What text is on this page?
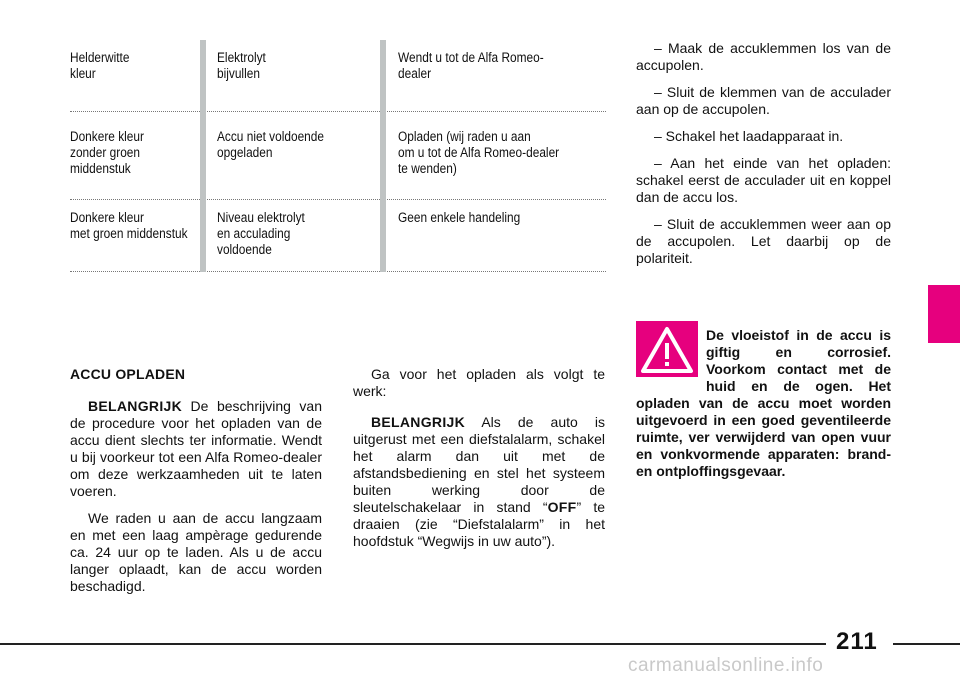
Helderwitte
kleur
Elektrolyt
bijvullen
Wendt u tot de Alfa Romeo-
dealer
Donkere kleur
zonder groen
middenstuk
Accu niet voldoende
opgeladen
Opladen (wij raden u aan
om u tot de Alfa Romeo-dealer
te wenden)
Donkere kleur
met groen middenstuk
Niveau elektrolyt
en acculading
voldoende
Geen enkele handeling

– Maak de accuklemmen los van de accupolen.

– Sluit de klemmen van de acculader aan op de accupolen.

– Schakel het laadapparaat in.

– Aan het einde van het opladen: schakel eerst de acculader uit en koppel dan de accu los.

– Sluit de accuklemmen weer aan op de accupolen. Let daarbij op de polariteit.

De vloeistof in de accu is giftig en corrosief. Voorkom contact met de huid en de ogen. Het opladen van de accu moet worden uitgevoerd in een goed geventileerde ruimte, ver verwijderd van open vuur en vonkvormende apparaten: brand- en ontploffingsgevaar.
ACCU OPLADEN

BELANGRIJK De beschrijving van de procedure voor het opladen van de accu dient slechts ter informatie. Wendt u bij voorkeur tot een Alfa Romeo-dealer om deze werkzaamheden uit te laten voeren.

We raden u aan de accu langzaam en met een laag ampèrage gedurende ca. 24 uur op te laden. Als u de accu langer oplaadt, kan de accu worden beschadigd.

Ga voor het opladen als volgt te werk:

BELANGRIJK Als de auto is uitgerust met een diefstalalarm, schakel het alarm dan uit met de afstandsbediening en stel het systeem buiten werking door de sleutelschakelaar in stand “OFF” te draaien (zie “Diefstalalarm” in het hoofdstuk “Wegwijs in uw auto”).

211
carmanualsonline.info
